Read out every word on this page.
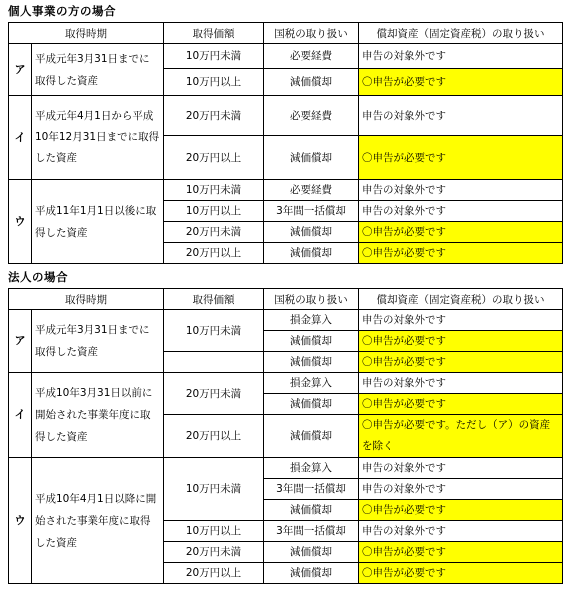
個人事業の方の場合
取得時期		取得価額	国税の取り扱い	償却資産（固定資産税）の取り扱い
ア	平成元年3月31日までに取得した資産	10万円未満	必要経費	申告の対象外です
		10万円以上	減価償却	〇申告が必要です
イ	平成元年4月1日から平成10年12月31日までに取得した資産	20万円未満	必要経費	申告の対象外です
		20万円以上	減価償却	〇申告が必要です
ウ	平成11年1月1日以後に取得した資産	10万円未満	必要経費	申告の対象外です
		10万円以上	3年間一括償却	申告の対象外です
		20万円未満	減価償却	〇申告が必要です
		20万円以上	減価償却	〇申告が必要です
法人の場合
取得時期		取得価額	国税の取り扱い	償却資産（固定資産税）の取り扱い
ア	平成元年3月31日までに取得した資産	10万円未満	損金算入	申告の対象外です
			減価償却	〇申告が必要です
			減価償却	〇申告が必要です
イ	平成10年3月31日以前に開始された事業年度に取得した資産	20万円未満	損金算入	申告の対象外です
			減価償却	〇申告が必要です
		20万円以上	減価償却	〇申告が必要です。ただし（ア）の資産を除く
ウ	平成10年4月1日以降に開始された事業年度に取得した資産	10万円未満	損金算入	申告の対象外です
			3年間一括償却	申告の対象外です
			減価償却	〇申告が必要です
		10万円以上	3年間一括償却	申告の対象外です
		20万円未満	減価償却	〇申告が必要です
		20万円以上	減価償却	〇申告が必要です
